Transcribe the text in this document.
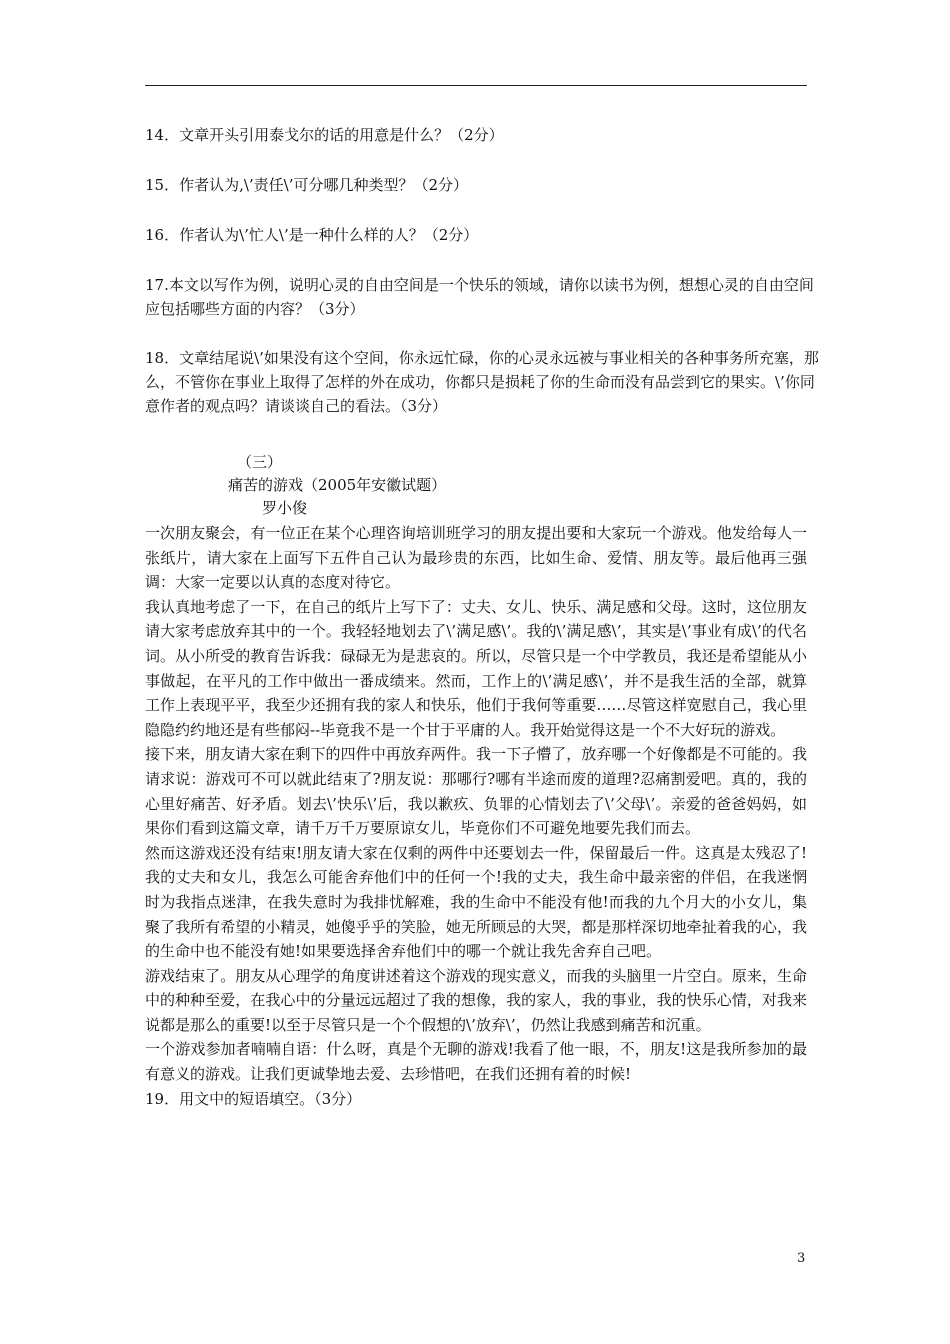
14．文章开头引用泰戈尔的话的用意是什么？（2分）

15．作者认为,\’责任\’可分哪几种类型？（2分）

16．作者认为\’忙人\’是一种什么样的人？（2分）

17.本文以写作为例，说明心灵的自由空间是一个快乐的领域，请你以读书为例，想想心灵的自由空间应包括哪些方面的内容？（3分）

18．文章结尾说\’如果没有这个空间，你永远忙碌，你的心灵永远被与事业相关的各种事务所充塞，那么，不管你在事业上取得了怎样的外在成功，你都只是损耗了你的生命而没有品尝到它的果实。\’你同意作者的观点吗？请谈谈自己的看法。（3分）

（三）
痛苦的游戏（2005年安徽试题）
罗小俊

一次朋友聚会，有一位正在某个心理咨询培训班学习的朋友提出要和大家玩一个游戏。他发给每人一张纸片，请大家在上面写下五件自己认为最珍贵的东西，比如生命、爱情、朋友等。最后他再三强调：大家一定要以认真的态度对待它。

我认真地考虑了一下，在自己的纸片上写下了：丈夫、女儿、快乐、满足感和父母。这时，这位朋友请大家考虑放弃其中的一个。我轻轻地划去了\’满足感\’。我的\’满足感\’，其实是\’事业有成\’的代名词。从小所受的教育告诉我：碌碌无为是悲哀的。所以，尽管只是一个中学教员，我还是希望能从小事做起，在平凡的工作中做出一番成绩来。然而，工作上的\’满足感\’，并不是我生活的全部，就算工作上表现平平，我至少还拥有我的家人和快乐，他们于我何等重要……尽管这样宽慰自己，我心里隐隐约约地还是有些郁闷--毕竟我不是一个甘于平庸的人。我开始觉得这是一个不大好玩的游戏。

接下来，朋友请大家在剩下的四件中再放弃两件。我一下子懵了，放弃哪一个好像都是不可能的。我请求说：游戏可不可以就此结束了?朋友说：那哪行?哪有半途而废的道理?忍痛割爱吧。真的，我的心里好痛苦、好矛盾。划去\’快乐\’后，我以歉疚、负罪的心情划去了\’父母\’。亲爱的爸爸妈妈，如果你们看到这篇文章，请千万千万要原谅女儿，毕竟你们不可避免地要先我们而去。

然而这游戏还没有结束!朋友请大家在仅剩的两件中还要划去一件，保留最后一件。这真是太残忍了!我的丈夫和女儿，我怎么可能舍弃他们中的任何一个!我的丈夫，我生命中最亲密的伴侣，在我迷惘时为我指点迷津，在我失意时为我排忧解难，我的生命中不能没有他!而我的九个月大的小女儿，集聚了我所有希望的小精灵，她傻乎乎的笑脸，她无所顾忌的大哭，都是那样深切地牵扯着我的心，我的生命中也不能没有她!如果要选择舍弃他们中的哪一个就让我先舍弃自己吧。

游戏结束了。朋友从心理学的角度讲述着这个游戏的现实意义，而我的头脑里一片空白。原来，生命中的种种至爱，在我心中的分量远远超过了我的想像，我的家人，我的事业，我的快乐心情，对我来说都是那么的重要!以至于尽管只是一个个假想的\’放弃\’，仍然让我感到痛苦和沉重。

一个游戏参加者喃喃自语：什么呀，真是个无聊的游戏!我看了他一眼，不，朋友!这是我所参加的最有意义的游戏。让我们更诚挚地去爱、去珍惜吧，在我们还拥有着的时候!

19．用文中的短语填空。（3分）

3
